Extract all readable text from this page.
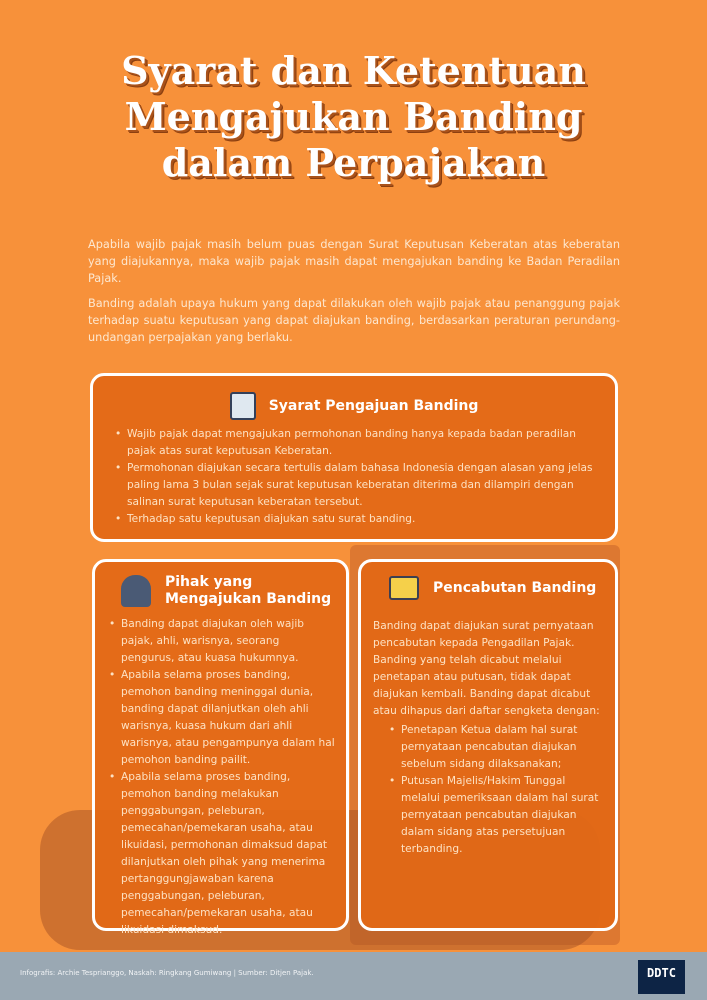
Syarat dan Ketentuan
Mengajukan Banding
dalam Perpajakan

Apabila wajib pajak masih belum puas dengan Surat Keputusan Keberatan atas keberatan yang diajukannya, maka wajib pajak masih dapat mengajukan banding ke Badan Peradilan Pajak.

Banding adalah upaya hukum yang dapat dilakukan oleh wajib pajak atau penanggung pajak terhadap suatu keputusan yang dapat diajukan banding, berdasarkan peraturan perundang-undangan perpajakan yang berlaku.

Syarat Pengajuan Banding
• Wajib pajak dapat mengajukan permohonan banding hanya kepada badan peradilan pajak atas surat keputusan Keberatan.
• Permohonan diajukan secara tertulis dalam bahasa Indonesia dengan alasan yang jelas paling lama 3 bulan sejak surat keputusan keberatan diterima dan dilampiri dengan salinan surat keputusan keberatan tersebut.
• Terhadap satu keputusan diajukan satu surat banding.
Pihak yang
Mengajukan Banding
• Banding dapat diajukan oleh wajib pajak, ahli, warisnya, seorang pengurus, atau kuasa hukumnya.
• Apabila selama proses banding, pemohon banding meninggal dunia, banding dapat dilanjutkan oleh ahli warisnya, kuasa hukum dari ahli warisnya, atau pengampunya dalam hal pemohon banding pailit.
• Apabila selama proses banding, pemohon banding melakukan penggabungan, peleburan, pemecahan/pemekaran usaha, atau likuidasi, permohonan dimaksud dapat dilanjutkan oleh pihak yang menerima pertanggungjawaban karena penggabungan, peleburan, pemecahan/pemekaran usaha, atau likuidasi dimaksud.
Pencabutan Banding

Banding dapat diajukan surat pernyataan pencabutan kepada Pengadilan Pajak. Banding yang telah dicabut melalui penetapan atau putusan, tidak dapat diajukan kembali. Banding dapat dicabut atau dihapus dari daftar sengketa dengan:

• Penetapan Ketua dalam hal surat pernyataan pencabutan diajukan sebelum sidang dilaksanakan;
• Putusan Majelis/Hakim Tunggal melalui pemeriksaan dalam hal surat pernyataan pencabutan diajukan dalam sidang atas persetujuan terbanding.
Infografis: Archie Tesprianggo, Naskah: Ringkang Gumiwang | Sumber: Ditjen Pajak.	DDTC
